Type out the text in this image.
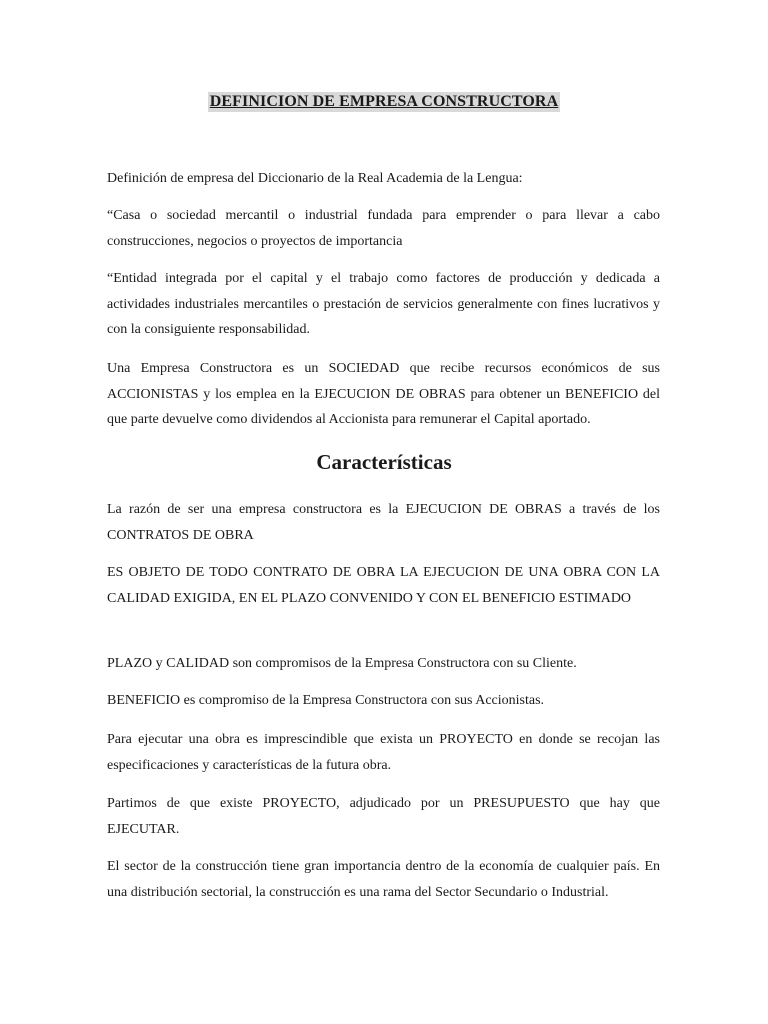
DEFINICION DE EMPRESA CONSTRUCTORA

Definición de empresa del Diccionario de la Real Academia de la Lengua:

“Casa o sociedad mercantil o industrial fundada para emprender o para llevar a cabo construcciones, negocios o proyectos de importancia

“Entidad integrada por el capital y el trabajo como factores de producción y dedicada a actividades industriales mercantiles o prestación de servicios generalmente con fines lucrativos y con la consiguiente responsabilidad.

Una Empresa Constructora es un SOCIEDAD que recibe recursos económicos de sus ACCIONISTAS y los emplea en la EJECUCION DE OBRAS para obtener un BENEFICIO del que parte devuelve como dividendos al Accionista para remunerar el Capital aportado.

Características

La razón de ser una empresa constructora es la EJECUCION DE OBRAS a través de los CONTRATOS DE OBRA

ES OBJETO DE TODO CONTRATO DE OBRA LA EJECUCION DE UNA OBRA CON LA CALIDAD EXIGIDA, EN EL PLAZO CONVENIDO Y CON EL BENEFICIO ESTIMADO

PLAZO y CALIDAD son compromisos de la Empresa Constructora con su Cliente.

BENEFICIO es compromiso de la Empresa Constructora con sus Accionistas.

Para ejecutar una obra es imprescindible que exista un PROYECTO en donde se recojan las especificaciones y características de la futura obra.

Partimos de que existe PROYECTO, adjudicado por un PRESUPUESTO que hay que EJECUTAR.

El sector de la construcción tiene gran importancia dentro de la economía de cualquier país. En una distribución sectorial, la construcción es una rama del Sector Secundario o Industrial.
